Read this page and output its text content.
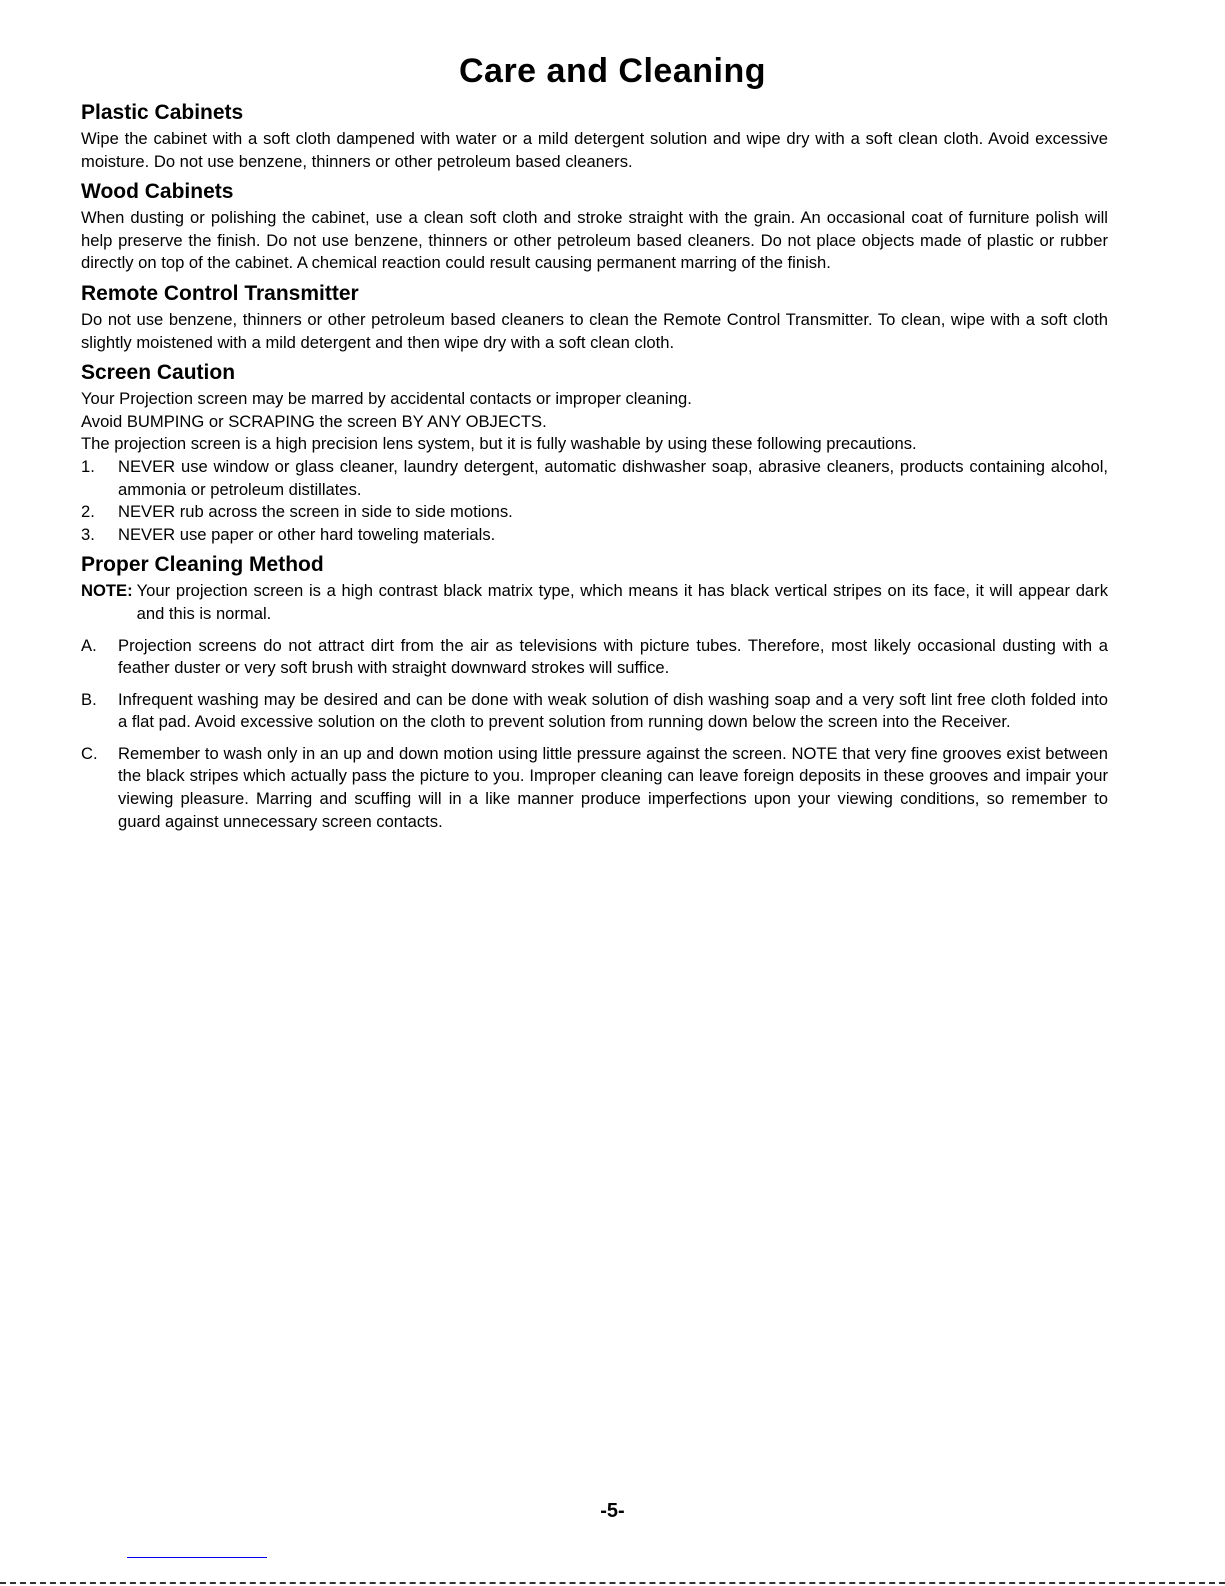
Care and Cleaning
Plastic Cabinets

Wipe the cabinet with a soft cloth dampened with water or a mild detergent solution and wipe dry with a soft clean cloth. Avoid excessive moisture. Do not use benzene, thinners or other petroleum based cleaners.

Wood Cabinets

When dusting or polishing the cabinet, use a clean soft cloth and stroke straight with the grain. An occasional coat of furniture polish will help preserve the finish. Do not use benzene, thinners or other petroleum based cleaners. Do not place objects made of plastic or rubber directly on top of the cabinet. A chemical reaction could result causing permanent marring of the finish.

Remote Control Transmitter

Do not use benzene, thinners or other petroleum based cleaners to clean the Remote Control Transmitter. To clean, wipe with a soft cloth slightly moistened with a mild detergent and then wipe dry with a soft clean cloth.

Screen Caution

Your Projection screen may be marred by accidental contacts or improper cleaning.

Avoid BUMPING or SCRAPING the screen BY ANY OBJECTS.

The projection screen is a high precision lens system, but it is fully washable by using these following precautions.

1.	NEVER use window or glass cleaner, laundry detergent, automatic dishwasher soap, abrasive cleaners, products containing alcohol, ammonia or petroleum distillates.
2.	NEVER rub across the screen in side to side motions.
3.	NEVER use paper or other hard toweling materials.
Proper Cleaning Method
NOTE: Your projection screen is a high contrast black matrix type, which means it has black vertical stripes on its face, it will appear dark and this is normal.
A.	Projection screens do not attract dirt from the air as televisions with picture tubes. Therefore, most likely occasional dusting with a feather duster or very soft brush with straight downward strokes will suffice.
B.	Infrequent washing may be desired and can be done with weak solution of dish washing soap and a very soft lint free cloth folded into a flat pad. Avoid excessive solution on the cloth to prevent solution from running down below the screen into the Receiver.
C.	Remember to wash only in an up and down motion using little pressure against the screen. NOTE that very fine grooves exist between the black stripes which actually pass the picture to you. Improper cleaning can leave foreign deposits in these grooves and impair your viewing pleasure. Marring and scuffing will in a like manner produce imperfections upon your viewing conditions, so remember to guard against unnecessary screen contacts.
-5-
